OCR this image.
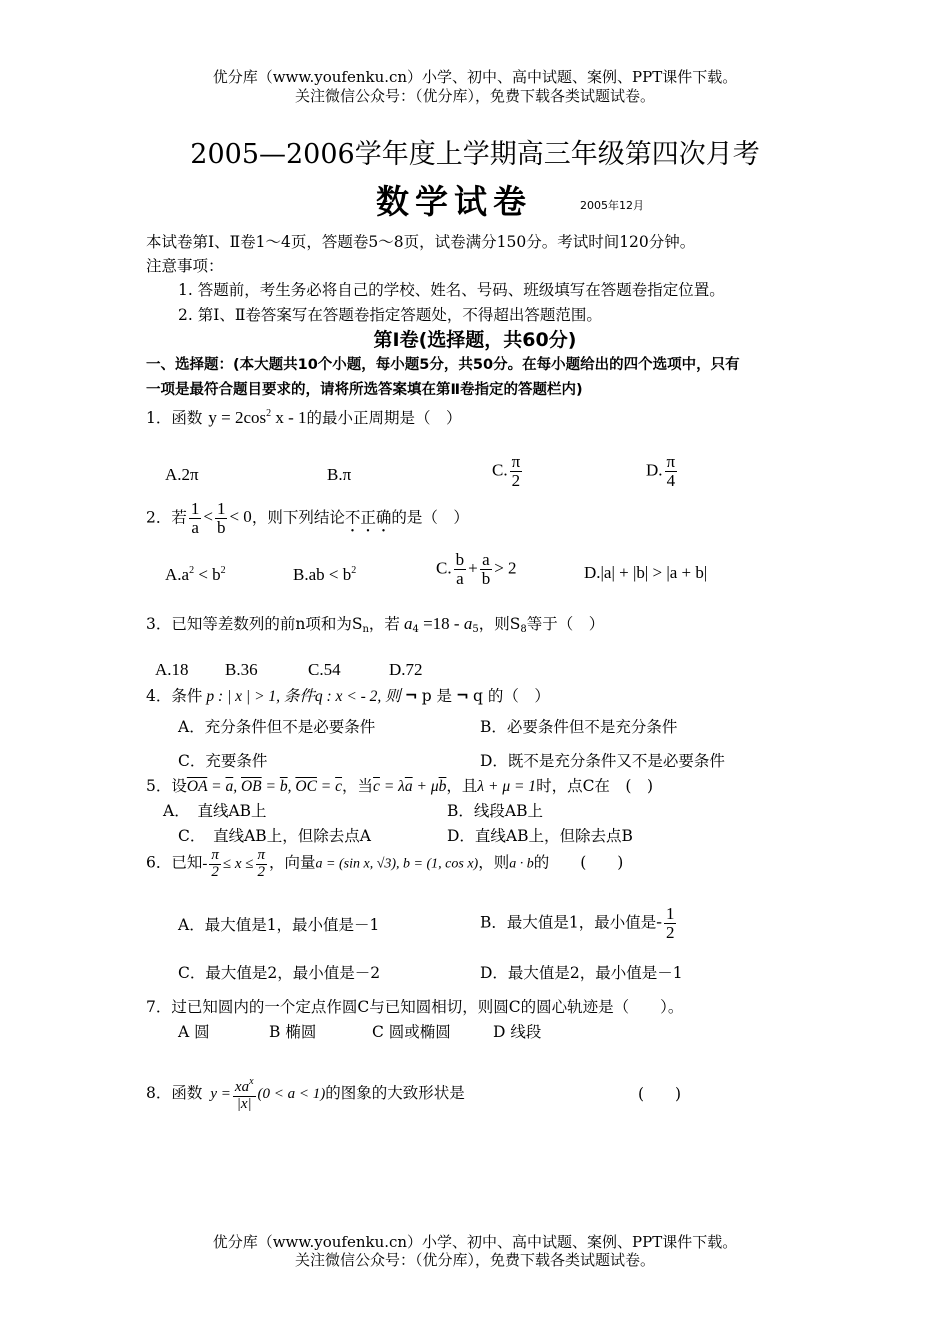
优分库（www.youfenku.cn）小学、初中、高中试题、案例、PPT课件下载。
关注微信公众号：（优分库），免费下载各类试题试卷。
2005—2006学年度上学期高三年级第四次月考
数学试卷	2005年12月
本试卷第Ⅰ、Ⅱ卷1～4页，答题卷5～8页，试卷满分150分。考试时间120分钟。
注意事项：
1. 答题前，考生务必将自己的学校、姓名、号码、班级填写在答题卷指定位置。
2. 第Ⅰ、Ⅱ卷答案写在答题卷指定答题处，不得超出答题范围。
第Ⅰ卷(选择题，共60分)
一、选择题：(本大题共10个小题，每小题5分，共50分。在每小题给出的四个选项中，只有
一项是最符合题目要求的，请将所选答案填在第Ⅱ卷指定的答题栏内)
1．函数 $y = 2\cos^2$ x - 1的最小正周期是（　）
A.2π	B.π	C. $\frac{\pi}{2}$	D. $\frac{\pi}{4}$
2．若 $\frac{1}{a} < \frac{1}{b} < 0$，则下列结论不正确的是（　）
$A.a^2 < b^2$	$B.ab < b^2$	C. $\frac{b}{a} + \frac{a}{b} > 2$	D.|a| + |b| > |a + b|
3．已知等差数列的前n项和为$S_n$，若 $a_4 =18 - a_5$，则$S_8$等于（　）
A.18 B.36	C.54	D.72
4．条件 p : | x | > 1, 条件q : x < - 2, 则 ¬ p 是 ¬ q 的（　）
A．充分条件但不是必要条件	B．必要条件但不是充分条件
C．充要条件	D．既不是充分条件又不是必要条件
5．设$\overline{OA} = \overline{a}$, $\overline{OB} = \overline{b}$, $\overline{OC} = \overline{c}$，当$\overline{c} = \lambda\overline{a} + \mu\overline{b}$，且λ + μ = 1时，点C在　(　)
A．　直线AB上	B．线段AB上
C．　直线AB上，但除去点A	D．直线AB上，但除去点B
6．已知- $\frac{\pi}{2} \le x \le \frac{\pi}{2}$ ，向量a = (sin x, √3), b = (1, cos x)，则a · b的　　(　　)
A．最大值是1，最小值是－1	B．最大值是1，最小值是- $\frac{1}{2}$
C．最大值是2，最小值是－2	D．最大值是2，最小值是－1
7．过已知圆内的一个定点作圆C与已知圆相切，则圆C的圆心轨迹是（　　）。
A 圆	B 椭圆	C 圆或椭圆	D 线段
8．函数 $y = \frac{xa^x}{|x|} (0 < a < 1)$的图象的大致形状是	(　　)
优分库（www.youfenku.cn）小学、初中、高中试题、案例、PPT课件下载。
关注微信公众号：（优分库），免费下载各类试题试卷。
